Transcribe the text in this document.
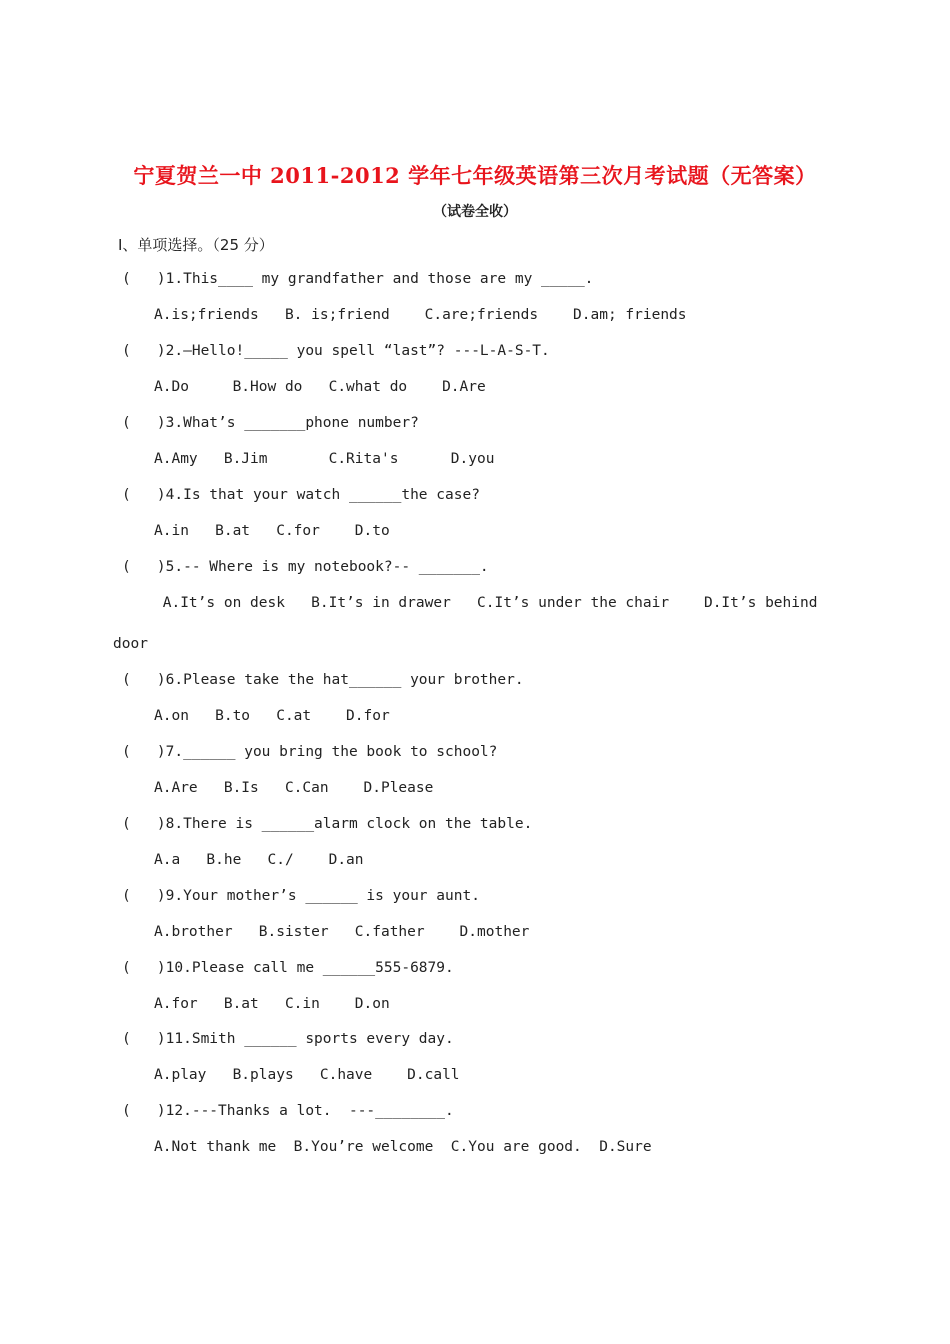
宁夏贺兰一中 2011-2012 学年七年级英语第三次月考试题（无答案）
（试卷全收）
Ⅰ、单项选择。（25 分）
(   )1.This____ my grandfather and those are my _____.
A.is;friends   B. is;friend    C.are;friends    D.am; friends
(   )2.—Hello!_____ you spell “last”? ---L-A-S-T.
A.Do     B.How do   C.what do    D.Are
(   )3.What’s _______phone number?
A.Amy   B.Jim       C.Rita's      D.you
(   )4.Is that your watch ______the case?
A.in   B.at   C.for    D.to
(   )5.-- Where is my notebook?-- _______.
A.It’s on desk   B.It’s in drawer   C.It’s under the chair    D.It’s behind
door
(   )6.Please take the hat______ your brother.
A.on   B.to   C.at    D.for
(   )7.______ you bring the book to school?
A.Are   B.Is   C.Can    D.Please
(   )8.There is ______alarm clock on the table.
A.a   B.he   C./    D.an
(   )9.Your mother’s ______ is your aunt.
A.brother   B.sister   C.father    D.mother
(   )10.Please call me ______555-6879.
A.for   B.at   C.in    D.on
(   )11.Smith ______ sports every day.
A.play   B.plays   C.have    D.call
(   )12.---Thanks a lot.  ---________.
A.Not thank me  B.You’re welcome  C.You are good.  D.Sure
